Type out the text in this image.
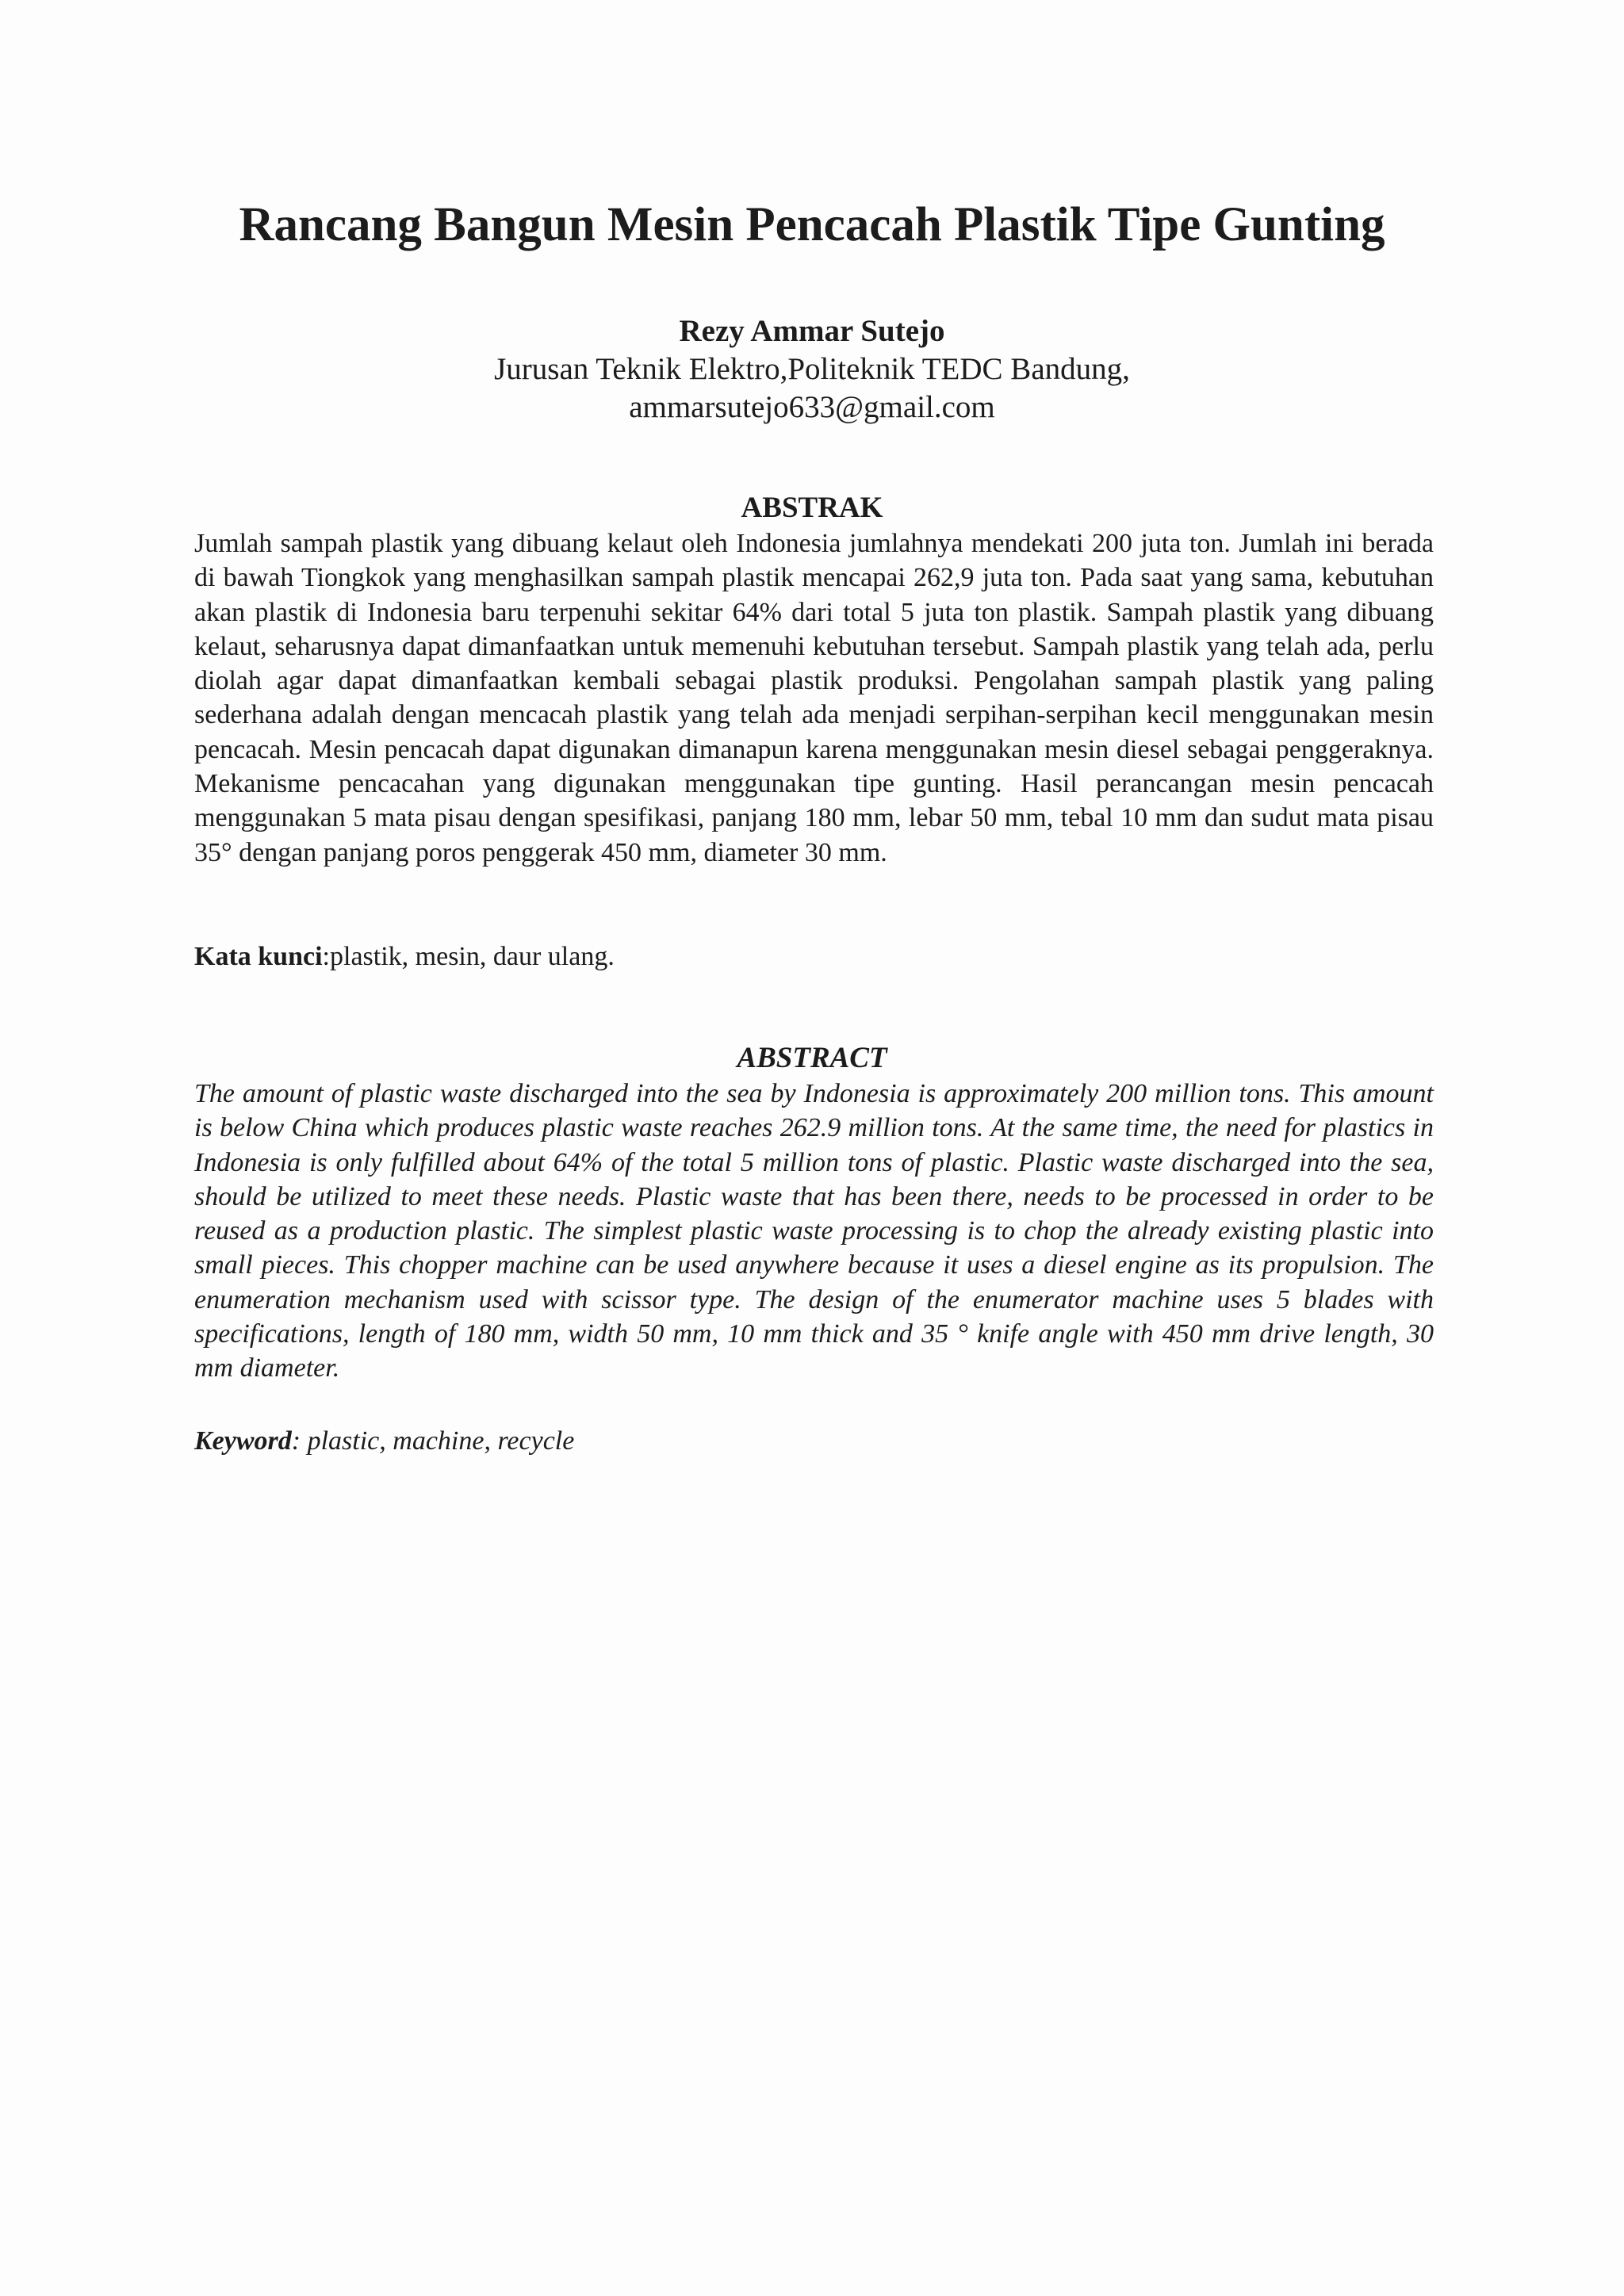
Rancang Bangun Mesin Pencacah Plastik Tipe Gunting
Rezy Ammar Sutejo
Jurusan Teknik Elektro,Politeknik TEDC Bandung,
ammarsutejo633@gmail.com
ABSTRAK

Jumlah sampah plastik yang dibuang kelaut oleh Indonesia jumlahnya mendekati 200 juta ton. Jumlah ini berada di bawah Tiongkok yang menghasilkan sampah plastik mencapai 262,9 juta ton. Pada saat yang sama, kebutuhan akan plastik di Indonesia baru terpenuhi sekitar 64% dari total 5 juta ton plastik. Sampah plastik yang dibuang kelaut, seharusnya dapat dimanfaatkan untuk memenuhi kebutuhan tersebut. Sampah plastik yang telah ada, perlu diolah agar dapat dimanfaatkan kembali sebagai plastik produksi. Pengolahan sampah plastik yang paling sederhana adalah dengan mencacah plastik yang telah ada menjadi serpihan-serpihan kecil menggunakan mesin pencacah. Mesin pencacah dapat digunakan dimanapun karena menggunakan mesin diesel sebagai penggeraknya. Mekanisme pencacahan yang digunakan menggunakan tipe gunting. Hasil perancangan mesin pencacah menggunakan 5 mata pisau dengan spesifikasi, panjang 180 mm, lebar 50 mm, tebal 10 mm dan sudut mata pisau 35° dengan panjang poros penggerak 450 mm, diameter 30 mm.

Kata kunci:plastik, mesin, daur ulang.

ABSTRACT

The amount of plastic waste discharged into the sea by Indonesia is approximately 200 million tons. This amount is below China which produces plastic waste reaches 262.9 million tons. At the same time, the need for plastics in Indonesia is only fulfilled about 64% of the total 5 million tons of plastic. Plastic waste discharged into the sea, should be utilized to meet these needs. Plastic waste that has been there, needs to be processed in order to be reused as a production plastic. The simplest plastic waste processing is to chop the already existing plastic into small pieces. This chopper machine can be used anywhere because it uses a diesel engine as its propulsion. The enumeration mechanism used with scissor type. The design of the enumerator machine uses 5 blades with specifications, length of 180 mm, width 50 mm, 10 mm thick and 35 ° knife angle with 450 mm drive length, 30 mm diameter.

Keyword: plastic, machine, recycle
